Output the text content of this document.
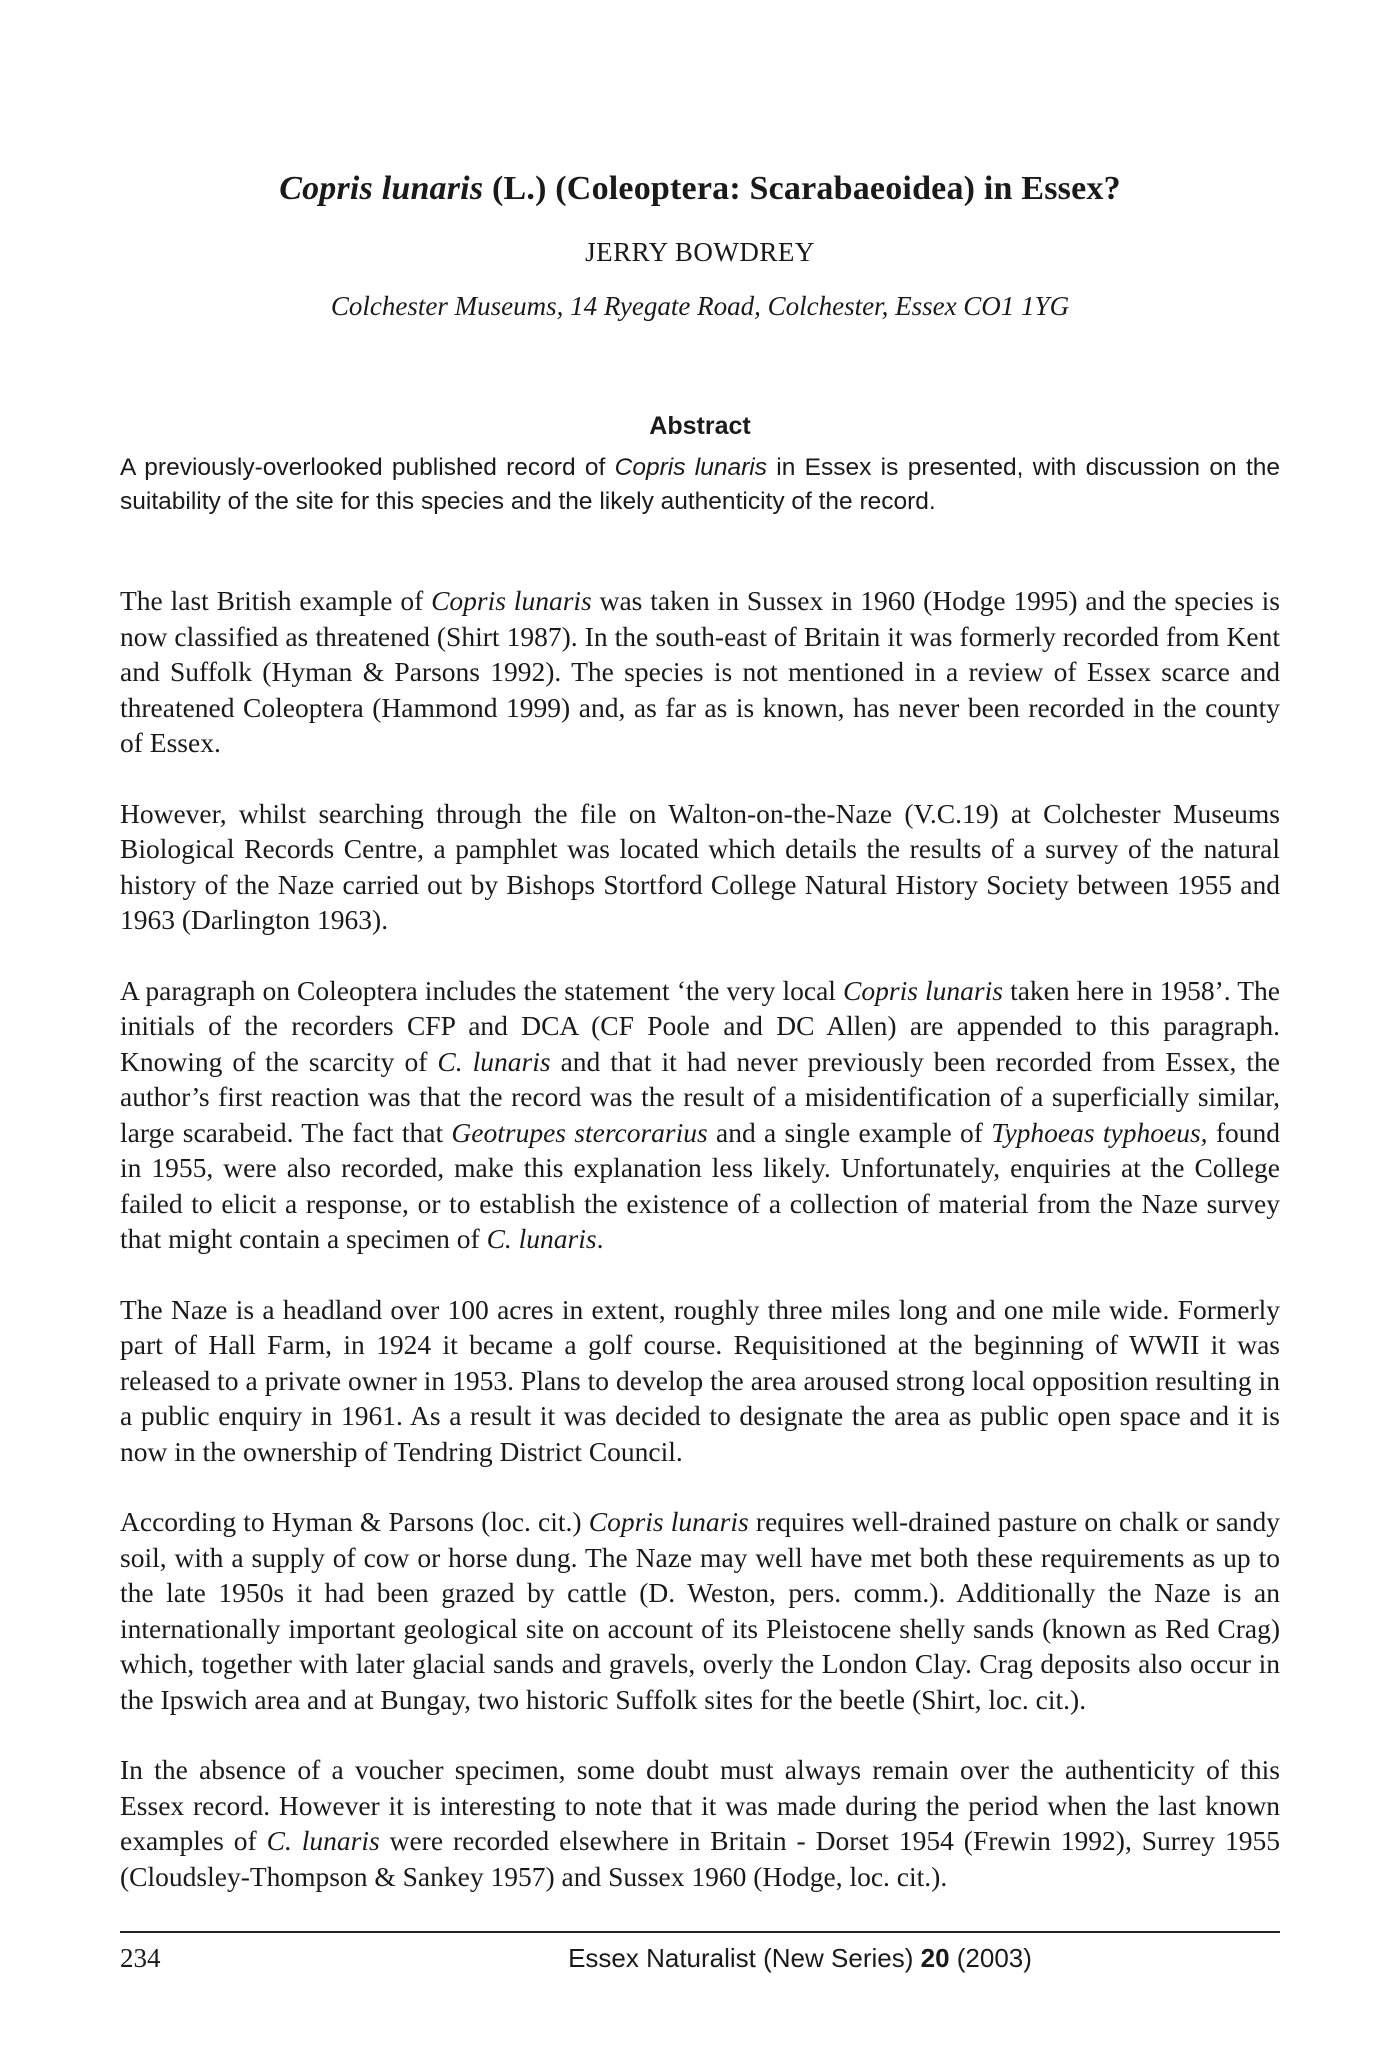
Copris lunaris (L.) (Coleoptera: Scarabaeoidea) in Essex?
JERRY BOWDREY
Colchester Museums, 14 Ryegate Road, Colchester, Essex CO1 1YG
Abstract
A previously-overlooked published record of Copris lunaris in Essex is presented, with discussion on the suitability of the site for this species and the likely authenticity of the record.

The last British example of Copris lunaris was taken in Sussex in 1960 (Hodge 1995) and the species is now classified as threatened (Shirt 1987). In the south-east of Britain it was formerly recorded from Kent and Suffolk (Hyman & Parsons 1992). The species is not mentioned in a review of Essex scarce and threatened Coleoptera (Hammond 1999) and, as far as is known, has never been recorded in the county of Essex.

However, whilst searching through the file on Walton-on-the-Naze (V.C.19) at Colchester Museums Biological Records Centre, a pamphlet was located which details the results of a survey of the natural history of the Naze carried out by Bishops Stortford College Natural History Society between 1955 and 1963 (Darlington 1963).

A paragraph on Coleoptera includes the statement ‘the very local Copris lunaris taken here in 1958’. The initials of the recorders CFP and DCA (CF Poole and DC Allen) are appended to this paragraph. Knowing of the scarcity of C. lunaris and that it had never previously been recorded from Essex, the author’s first reaction was that the record was the result of a misidentification of a superficially similar, large scarabeid. The fact that Geotrupes stercorarius and a single example of Typhoeas typhoeus, found in 1955, were also recorded, make this explanation less likely. Unfortunately, enquiries at the College failed to elicit a response, or to establish the existence of a collection of material from the Naze survey that might contain a specimen of C. lunaris.

The Naze is a headland over 100 acres in extent, roughly three miles long and one mile wide. Formerly part of Hall Farm, in 1924 it became a golf course. Requisitioned at the beginning of WWII it was released to a private owner in 1953. Plans to develop the area aroused strong local opposition resulting in a public enquiry in 1961. As a result it was decided to designate the area as public open space and it is now in the ownership of Tendring District Council.

According to Hyman & Parsons (loc. cit.) Copris lunaris requires well-drained pasture on chalk or sandy soil, with a supply of cow or horse dung. The Naze may well have met both these requirements as up to the late 1950s it had been grazed by cattle (D. Weston, pers. comm.). Additionally the Naze is an internationally important geological site on account of its Pleistocene shelly sands (known as Red Crag) which, together with later glacial sands and gravels, overly the London Clay. Crag deposits also occur in the Ipswich area and at Bungay, two historic Suffolk sites for the beetle (Shirt, loc. cit.).

In the absence of a voucher specimen, some doubt must always remain over the authenticity of this Essex record. However it is interesting to note that it was made during the period when the last known examples of C. lunaris were recorded elsewhere in Britain - Dorset 1954 (Frewin 1992), Surrey 1955 (Cloudsley-Thompson & Sankey 1957) and Sussex 1960 (Hodge, loc. cit.).

234	Essex Naturalist (New Series) 20 (2003)
